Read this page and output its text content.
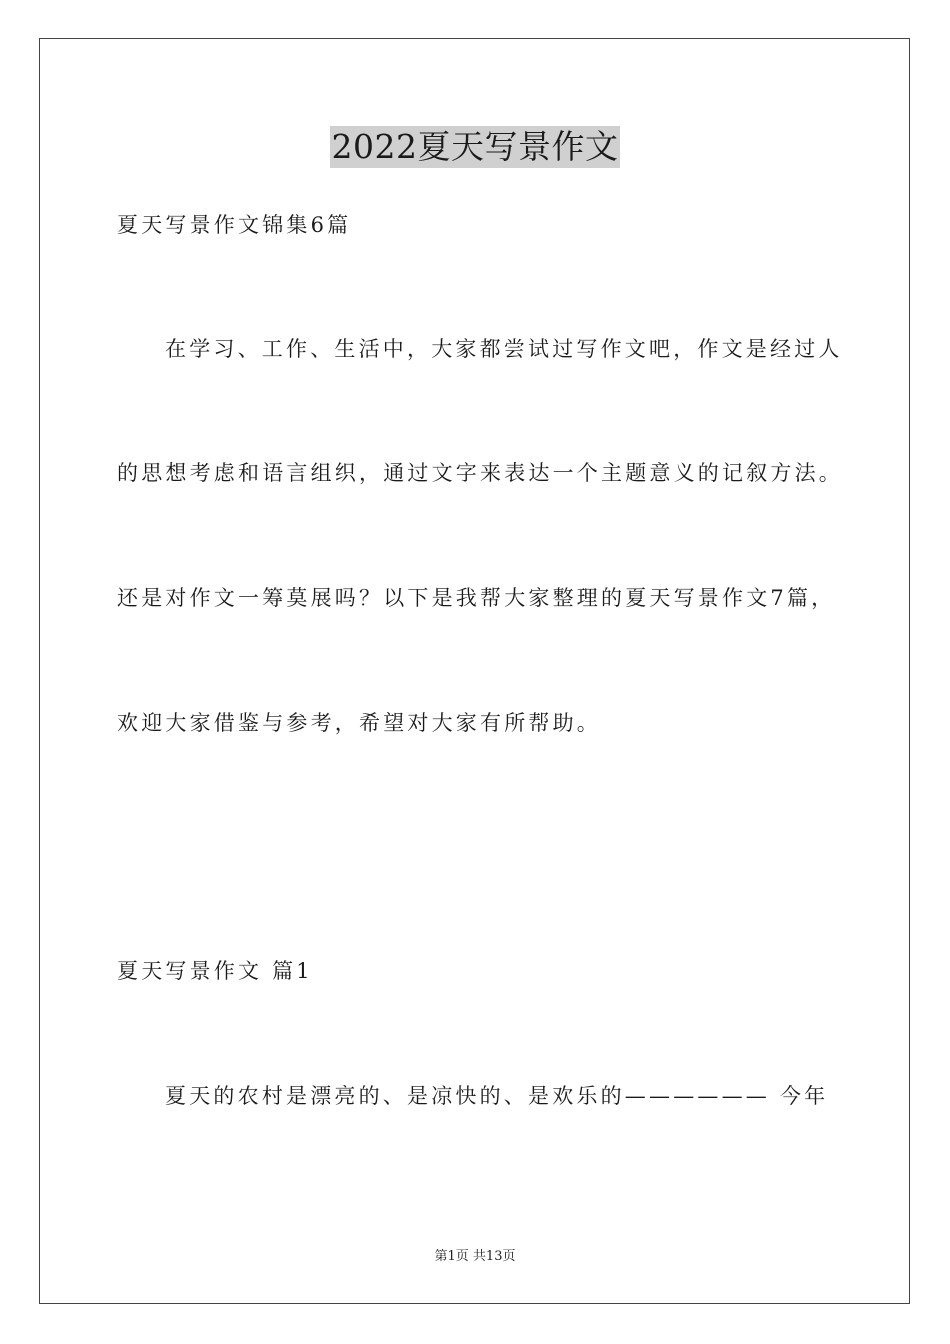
2022夏天写景作文
夏天写景作文锦集6篇
在学习、工作、生活中，大家都尝试过写作文吧，作文是经过人
的思想考虑和语言组织，通过文字来表达一个主题意义的记叙方法。
还是对作文一筹莫展吗？以下是我帮大家整理的夏天写景作文7篇，
欢迎大家借鉴与参考，希望对大家有所帮助。
夏天写景作文 篇1
夏天的农村是漂亮的、是凉快的、是欢乐的—————— 今年
第1页 共13页
